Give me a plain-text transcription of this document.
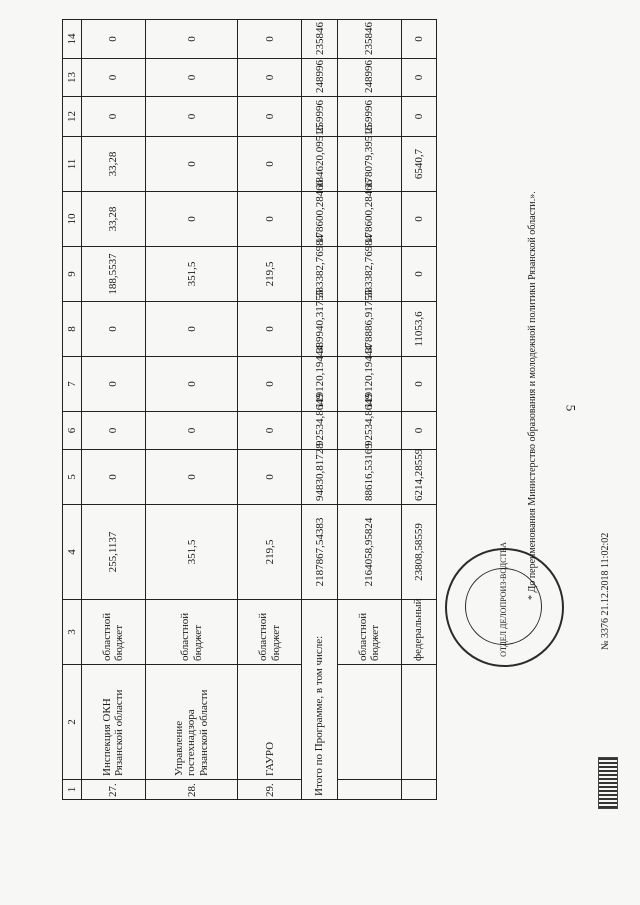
5
1	2	3	4	5	6	7	8	9	10	11	12	13	14
27.	Инспекция ОКН Рязанской области	областной бюджет	255,1137	0	0	0	0	188,5537	33,28	33,28	0	0	0
28.	Управление гостехнадзора Рязанской области	областной бюджет	351,5	0	0	0	0	351,5	0	0	0	0	0
29.	ГАУРО	областной бюджет	219,5	0	0	0	0	219,5	0	0	0	0	0
Итого по Программе, в том числе:			2187867,54383	94830,81728	92534,8649	119120,19444	389940,31755	383382,76984	178600,28466	184620,09516	259996	248996	235846
		областной бюджет	2164058,95824	88616,53169	92534,8649	119120,19444	378886,91755	383382,76984	178600,28466	178079,39516	259996	248996	235846
		федеральный	23808,58559	6214,28559	0	0	11053,6	0	0	6540,7	0	0	0
ОТДЕЛ ДЕЛОПРОИЗ-ВОДСТВА * До переименования Министерство образования и молодежной политики Рязанской области.».	№ 3376 21.12.2018 11:02:02
